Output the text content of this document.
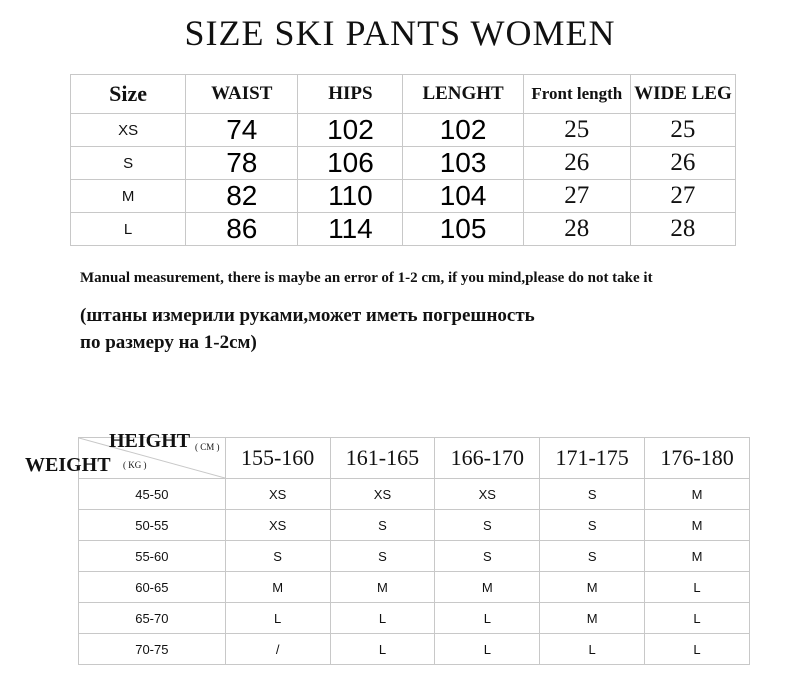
SIZE SKI PANTS WOMEN
Size	WAIST	HIPS	LENGHT	Front length	WIDE LEG
XS	74	102	102	25	25
S	78	106	103	26	26
M	82	110	104	27	27
L	86	114	105	28	28
Manual measurement, there is maybe an error of 1-2 cm, if you mind,please do not take it
(штаны измерили руками,может иметь погрешность
по размеру на 1-2см)
HEIGHT ( CM )
WEIGHT ( KG )	155-160	161-165	166-170	171-175	176-180
45-50	XS	XS	XS	S	M
50-55	XS	S	S	S	M
55-60	S	S	S	S	M
60-65	M	M	M	M	L
65-70	L	L	L	M	L
70-75	/	L	L	L	L
